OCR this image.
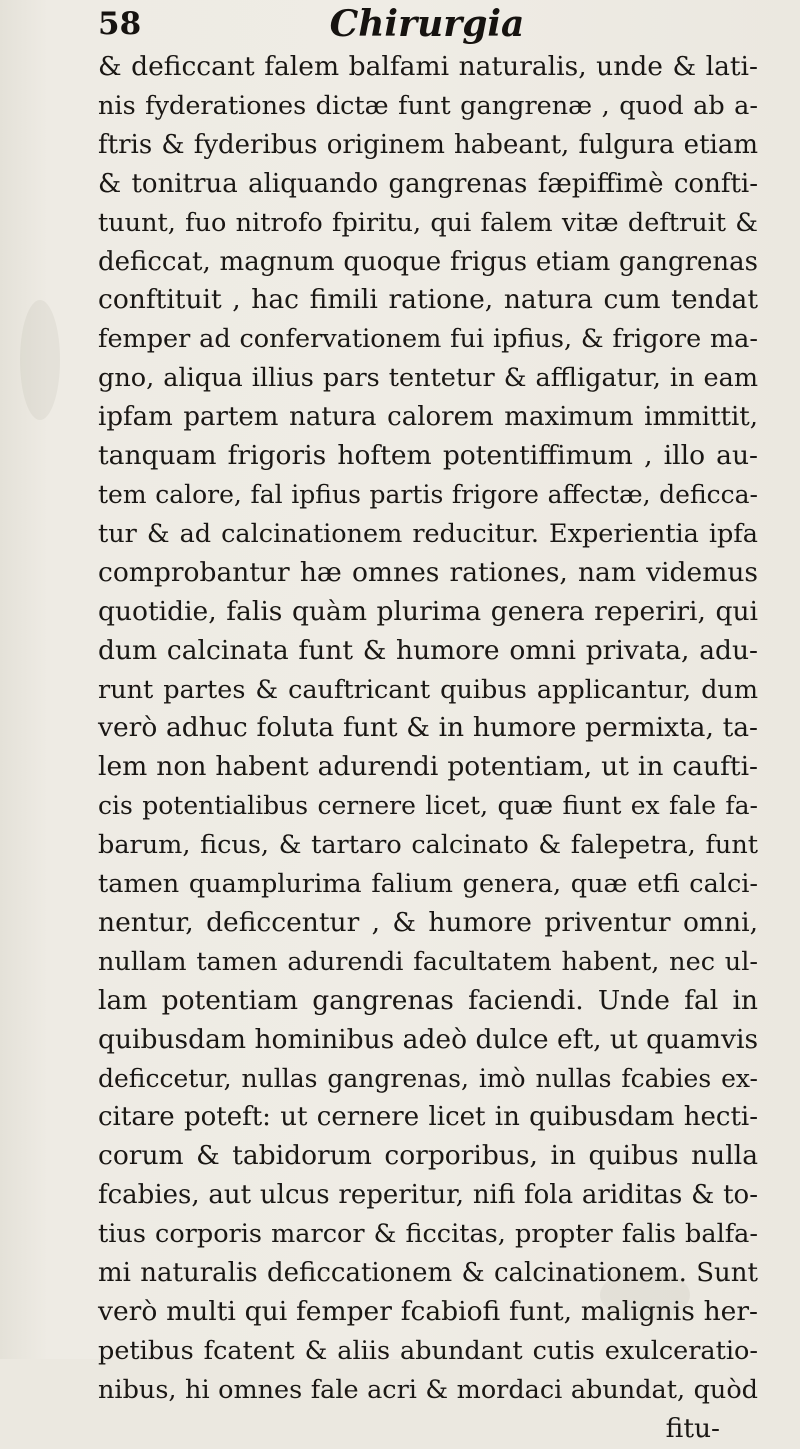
58	Chirurgia
& deficcant falem balfami naturalis, unde & lati-
nis fyderationes dictæ funt gangrenæ , quod ab a-
ftris & fyderibus originem habeant, fulgura etiam
& tonitrua aliquando gangrenas fæpiffimè confti-
tuunt, fuo nitrofo fpiritu, qui falem vitæ deftruit &
deficcat, magnum quoque frigus etiam gangrenas
conftituit , hac fimili ratione, natura cum tendat
femper ad confervationem fui ipfius, & frigore ma-
gno, aliqua illius pars tentetur & affligatur, in eam
ipfam partem natura calorem maximum immittit,
tanquam frigoris hoftem potentiffimum , illo au-
tem calore, fal ipfius partis frigore affectæ, deficca-
tur & ad calcinationem reducitur. Experientia ipfa
comprobantur hæ omnes rationes, nam videmus
quotidie, falis quàm plurima genera reperiri, qui
dum calcinata funt & humore omni privata, adu-
runt partes & cauftricant quibus applicantur, dum
verò adhuc foluta funt & in humore permixta, ta-
lem non habent adurendi potentiam, ut in caufti-
cis potentialibus cernere licet, quæ fiunt ex fale fa-
barum, ficus, & tartaro calcinato & falepetra, funt
tamen quamplurima falium genera, quæ etfi calci-
nentur, deficcentur , & humore priventur omni,
nullam tamen adurendi facultatem habent, nec ul-
lam potentiam gangrenas faciendi. Unde fal in
quibusdam hominibus adeò dulce eft, ut quamvis
deficcetur, nullas gangrenas, imò nullas fcabies ex-
citare poteft: ut cernere licet in quibusdam hecti-
corum & tabidorum corporibus, in quibus nulla
fcabies, aut ulcus reperitur, nifi fola ariditas & to-
tius corporis marcor & ficcitas, propter falis balfa-
mi naturalis deficcationem & calcinationem. Sunt
verò multi qui femper fcabiofi funt, malignis her-
petibus fcatent & aliis abundant cutis exulceratio-
nibus, hi omnes fale acri & mordaci abundat, quòd
fitu-
